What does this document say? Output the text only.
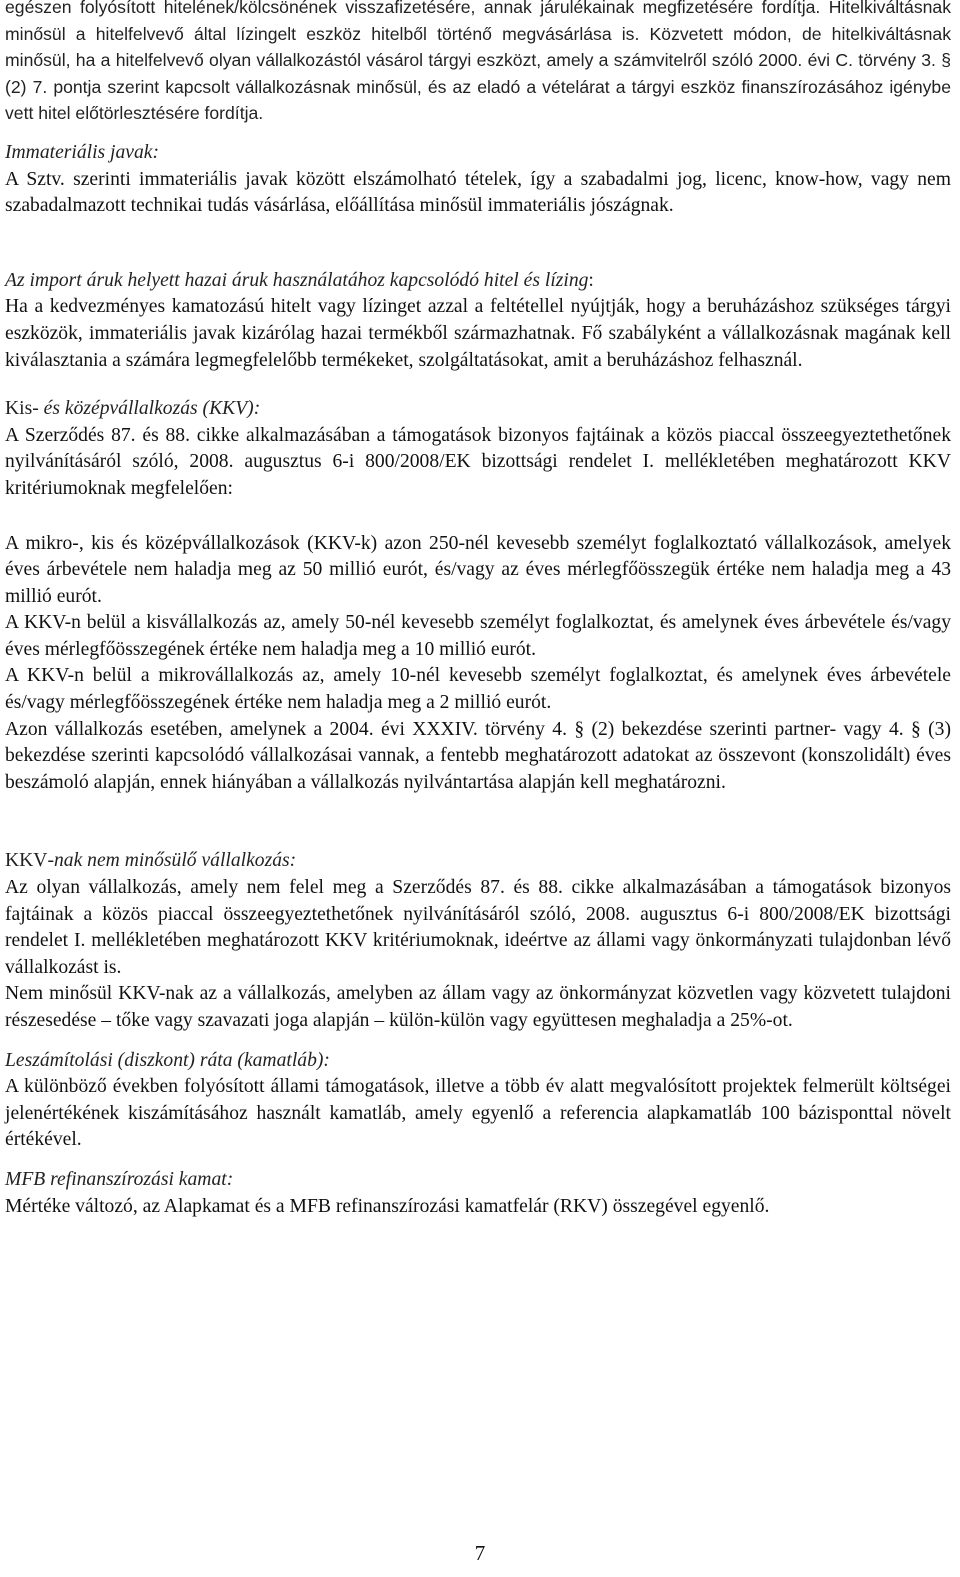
egészen folyósított hitelének/kölcsönének visszafizetésére, annak járulékainak megfizetésére fordítja. Hitelkiváltásnak minősül a hitelfelvevő által lízingelt eszköz hitelből történő megvásárlása is. Közvetett módon, de hitelkiváltásnak minősül, ha a hitelfelvevő olyan vállalkozástól vásárol tárgyi eszközt, amely a számvitelről szóló 2000. évi C. törvény 3. § (2) 7. pontja szerint kapcsolt vállalkozásnak minősül, és az eladó a vételárat a tárgyi eszköz finanszírozásához igénybe vett hitel előtörlesztésére fordítja.

Immateriális javak:

A Sztv. szerinti immateriális javak között elszámolható tételek, így a szabadalmi jog, licenc, know-how, vagy nem szabadalmazott technikai tudás vásárlása, előállítása minősül immateriális jószágnak.

Az import áruk helyett hazai áruk használatához kapcsolódó hitel és lízing:

Ha a kedvezményes kamatozású hitelt vagy lízinget azzal a feltétellel nyújtják, hogy a beruházáshoz szükséges tárgyi eszközök, immateriális javak kizárólag hazai termékből származhatnak. Fő szabályként a vállalkozásnak magának kell kiválasztania a számára legmegfelelőbb termékeket, szolgáltatásokat, amit a beruházáshoz felhasznál.

Kis- és középvállalkozás (KKV):

A Szerződés 87. és 88. cikke alkalmazásában a támogatások bizonyos fajtáinak a közös piaccal összeegyeztethetőnek nyilvánításáról szóló, 2008. augusztus 6-i 800/2008/EK bizottsági rendelet I. mellékletében meghatározott KKV kritériumoknak megfelelően:

A mikro-, kis és középvállalkozások (KKV-k) azon 250-nél kevesebb személyt foglalkoztató vállalkozások, amelyek éves árbevétele nem haladja meg az 50 millió eurót, és/vagy az éves mérlegfőösszegük értéke nem haladja meg a 43 millió eurót.

A KKV-n belül a kisvállalkozás az, amely 50-nél kevesebb személyt foglalkoztat, és amelynek éves árbevétele és/vagy éves mérlegfőösszegének értéke nem haladja meg a 10 millió eurót.

A KKV-n belül a mikrovállalkozás az, amely 10-nél kevesebb személyt foglalkoztat, és amelynek éves árbevétele és/vagy mérlegfőösszegének értéke nem haladja meg a 2 millió eurót.

Azon vállalkozás esetében, amelynek a 2004. évi XXXIV. törvény 4. § (2) bekezdése szerinti partner- vagy 4. § (3) bekezdése szerinti kapcsolódó vállalkozásai vannak, a fentebb meghatározott adatokat az összevont (konszolidált) éves beszámoló alapján, ennek hiányában a vállalkozás nyilvántartása alapján kell meghatározni.

KKV-nak nem minősülő vállalkozás:

Az olyan vállalkozás, amely nem felel meg a Szerződés 87. és 88. cikke alkalmazásában a támogatások bizonyos fajtáinak a közös piaccal összeegyeztethetőnek nyilvánításáról szóló, 2008. augusztus 6-i 800/2008/EK bizottsági rendelet I. mellékletében meghatározott KKV kritériumoknak, ideértve az állami vagy önkormányzati tulajdonban lévő vállalkozást is.

Nem minősül KKV-nak az a vállalkozás, amelyben az állam vagy az önkormányzat közvetlen vagy közvetett tulajdoni részesedése – tőke vagy szavazati joga alapján – külön-külön vagy együttesen meghaladja a 25%-ot.

Leszámítolási (diszkont) ráta (kamatláb):

A különböző években folyósított állami támogatások, illetve a több év alatt megvalósított projektek felmerült költségei jelenértékének kiszámításához használt kamatláb, amely egyenlő a referencia alapkamatláb 100 bázisponttal növelt értékével.

MFB refinanszírozási kamat:

Mértéke változó, az Alapkamat és a MFB refinanszírozási kamatfelár (RKV) összegével egyenlő.

7
